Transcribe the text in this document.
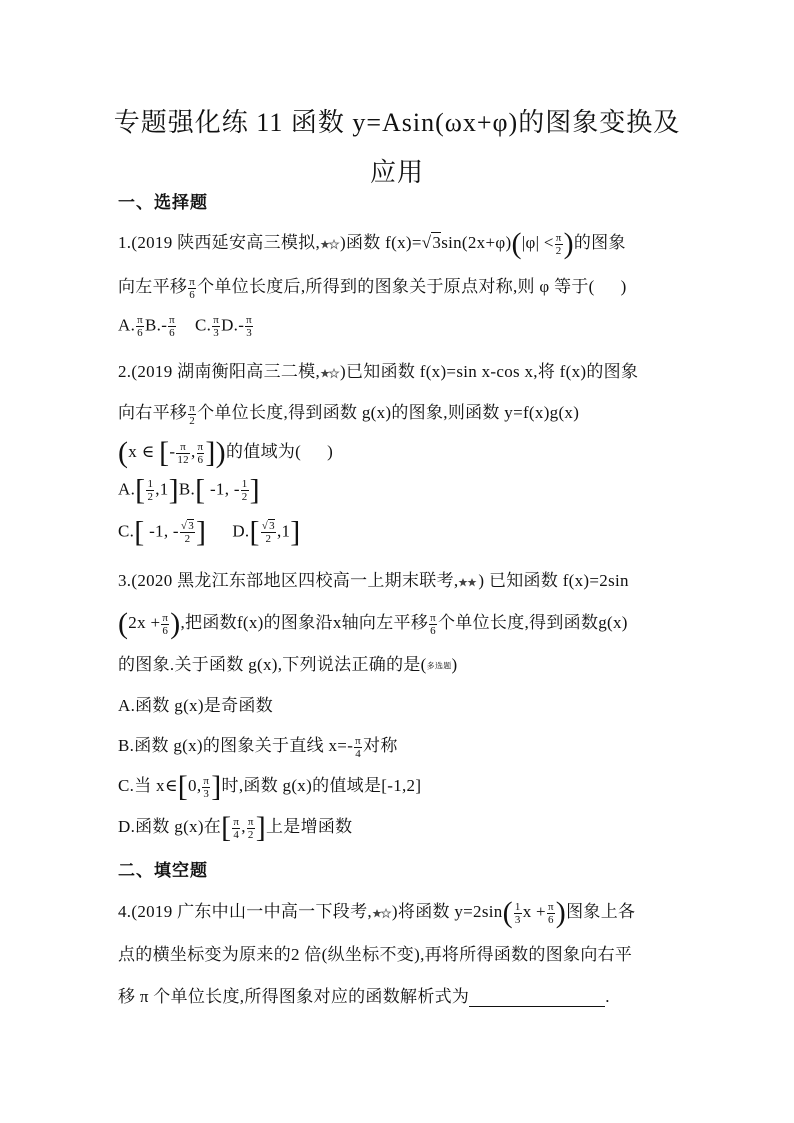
专题强化练 11 函数 y=Asin(ωx+φ)的图象变换及
应用
一、选择题
1.(2019 陕西延安高三模拟, )函数 $f(x)=√3\sin(2x+\varphi)(|\varphi| < \frac{\pi}{2}$ )的图象
向左平移 $\frac{\pi}{6}$ 个单位长度后,所得到的图象关于原点对称,则 φ 等于( )
A. $\frac{\pi}{6} B.- \frac{\pi}{6} C$. $\frac{\pi}{3} D.- \frac{\pi}{3}$
2.(2019 湖南衡阳高三二模, )已知函数 f(x)=sin x-cos x,将 f(x)的图象
向右平移 $\frac{\pi}{2}$ 个单位长度,得到函数 g(x)的图象,则函数 y=f(x)g(x)
(x ∈ [- $\frac{\pi}{12}$ , $\frac{\pi}{6}$ ])的值域为( )
$A.[ \frac{1}{2} ,1]B$.[ -1, - $\frac{1}{2}$ ]
C.[ -1, - $\frac{√3}{2}$ ] $D.[ \frac{√3}{2} ,1]$
3.(2020 黑龙江东部地区四校高一上期末联考, ) 已知函数 f(x)=2sin
($2x + \frac{\pi}{6}$ ),把函数f(x)的图象沿x轴向左平移 $\frac{\pi}{6}$ 个单位长度,得到函数g(x)
的图象.关于函数 g(x),下列说法正确的是(多选题)
A.函数 g(x)是奇函数
B.函数 g(x)的图象关于直线 $x=- \frac{\pi}{4}$ 对称
C.当 x∈[0, $\frac{\pi}{3}$ ]时,函数 g(x)的值域是[-1,2]
D.函数 g(x)在[ $\frac{\pi}{4}$ , $\frac{\pi}{2}$ ]上是增函数
二、填空题
4.(2019 广东中山一中高一下段考, )将函数 $y=2\sin( \frac{1}{3}$ $x + \frac{\pi}{6}$ )图象上各
点的横坐标变为原来的2 倍(纵坐标不变),再将所得函数的图象向右平
移 π 个单位长度,所得图象对应的函数解析式为	.
